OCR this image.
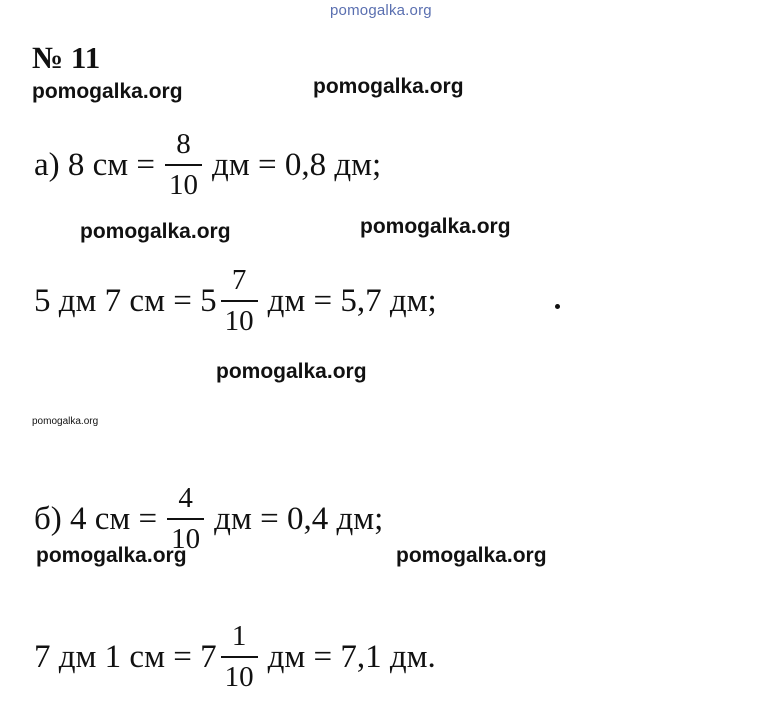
pomogalka.org
№ 11
pomogalka.org	pomogalka.org
а) 8 см = $\frac{8}{10}$ дм = 0,8 дм;
pomogalka.org	pomogalka.org
5 дм 7 см = $5 \frac{7}{10}$ дм = 5,7 дм;
pomogalka.org
pomogalka.org
б) 4 см = $\frac{4}{10}$ дм = 0,4 дм;
pomogalka.org	pomogalka.org
7 дм 1 см = $7 \frac{1}{10}$ дм = 7,1 дм.
